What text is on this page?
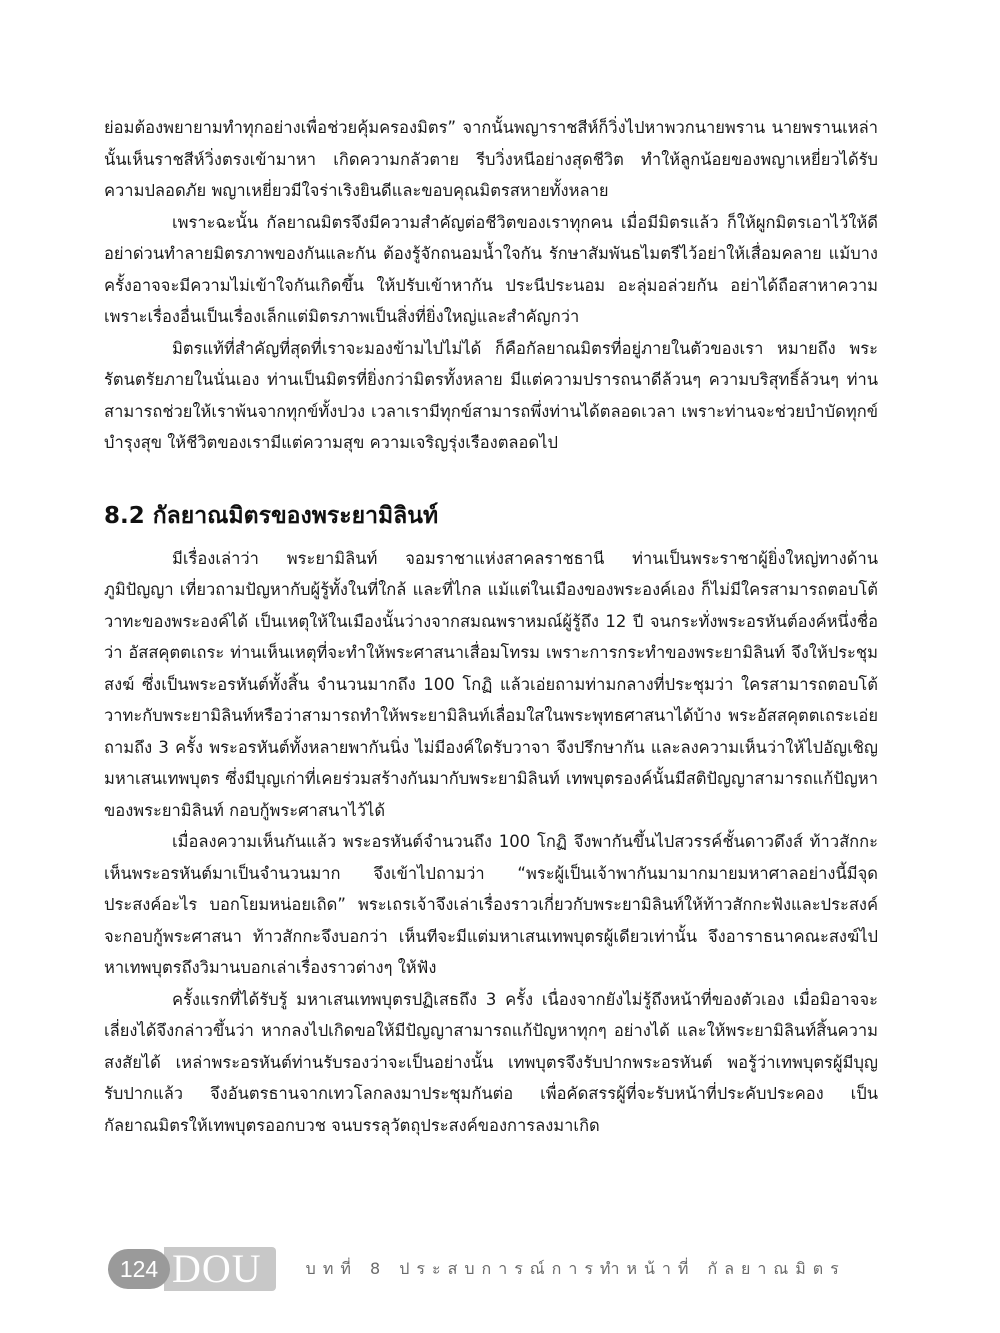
ย่อมต้องพยายามทำทุกอย่างเพื่อช่วยคุ้มครองมิตร” จากนั้นพญาราชสีห์ก็วิ่งไปหาพวกนายพราน นายพรานเหล่านั้นเห็นราชสีห์วิ่งตรงเข้ามาหา เกิดความกลัวตาย รีบวิ่งหนีอย่างสุดชีวิต ทำให้ลูกน้อยของพญาเหยี่ยวได้รับความปลอดภัย พญาเหยี่ยวมีใจร่าเริงยินดีและขอบคุณมิตรสหายทั้งหลาย

เพราะฉะนั้น กัลยาณมิตรจึงมีความสำคัญต่อชีวิตของเราทุกคน เมื่อมีมิตรแล้ว ก็ให้ผูกมิตรเอาไว้ให้ดี อย่าด่วนทำลายมิตรภาพของกันและกัน ต้องรู้จักถนอมน้ำใจกัน รักษาสัมพันธไมตรีไว้อย่าให้เสื่อมคลาย แม้บางครั้งอาจจะมีความไม่เข้าใจกันเกิดขึ้น ให้ปรับเข้าหากัน ประนีประนอม อะลุ่มอล่วยกัน อย่าได้ถือสาหาความ เพราะเรื่องอื่นเป็นเรื่องเล็กแต่มิตรภาพเป็นสิ่งที่ยิ่งใหญ่และสำคัญกว่า

มิตรแท้ที่สำคัญที่สุดที่เราจะมองข้ามไปไม่ได้ ก็คือกัลยาณมิตรที่อยู่ภายในตัวของเรา หมายถึง พระรัตนตรัยภายในนั่นเอง ท่านเป็นมิตรที่ยิ่งกว่ามิตรทั้งหลาย มีแต่ความปรารถนาดีล้วนๆ ความบริสุทธิ์ล้วนๆ ท่านสามารถช่วยให้เราพ้นจากทุกข์ทั้งปวง เวลาเรามีทุกข์สามารถพึ่งท่านได้ตลอดเวลา เพราะท่านจะช่วยบำบัดทุกข์บำรุงสุข ให้ชีวิตของเรามีแต่ความสุข ความเจริญรุ่งเรืองตลอดไป

8.2 กัลยาณมิตรของพระยามิลินท์

มีเรื่องเล่าว่า พระยามิลินท์ จอมราชาแห่งสาคลราชธานี ท่านเป็นพระราชาผู้ยิ่งใหญ่ทางด้านภูมิปัญญา เที่ยวถามปัญหากับผู้รู้ทั้งในที่ใกล้ และที่ไกล แม้แต่ในเมืองของพระองค์เอง ก็ไม่มีใครสามารถตอบโต้วาทะของพระองค์ได้ เป็นเหตุให้ในเมืองนั้นว่างจากสมณพราหมณ์ผู้รู้ถึง 12 ปี จนกระทั่งพระอรหันต์องค์หนึ่งชื่อว่า อัสสคุตตเถระ ท่านเห็นเหตุที่จะทำให้พระศาสนาเสื่อมโทรม เพราะการกระทำของพระยามิลินท์ จึงให้ประชุมสงฆ์ ซึ่งเป็นพระอรหันต์ทั้งสิ้น จำนวนมากถึง 100 โกฏิ แล้วเอ่ยถามท่ามกลางที่ประชุมว่า ใครสามารถตอบโต้วาทะกับพระยามิลินท์หรือว่าสามารถทำให้พระยามิลินท์เลื่อมใสในพระพุทธศาสนาได้บ้าง พระอัสสคุตตเถระเอ่ยถามถึง 3 ครั้ง พระอรหันต์ทั้งหลายพากันนิ่ง ไม่มีองค์ใดรับวาจา จึงปรึกษากัน และลงความเห็นว่าให้ไปอัญเชิญมหาเสนเทพบุตร ซึ่งมีบุญเก่าที่เคยร่วมสร้างกันมากับพระยามิลินท์ เทพบุตรองค์นั้นมีสติปัญญาสามารถแก้ปัญหาของพระยามิลินท์ กอบกู้พระศาสนาไว้ได้

เมื่อลงความเห็นกันแล้ว พระอรหันต์จำนวนถึง 100 โกฏิ จึงพากันขึ้นไปสวรรค์ชั้นดาวดึงส์ ท้าวสักกะเห็นพระอรหันต์มาเป็นจำนวนมาก จึงเข้าไปถามว่า “พระผู้เป็นเจ้าพากันมามากมายมหาศาลอย่างนี้มีจุดประสงค์อะไร บอกโยมหน่อยเถิด” พระเถรเจ้าจึงเล่าเรื่องราวเกี่ยวกับพระยามิลินท์ให้ท้าวสักกะฟังและประสงค์จะกอบกู้พระศาสนา ท้าวสักกะจึงบอกว่า เห็นทีจะมีแต่มหาเสนเทพบุตรผู้เดียวเท่านั้น จึงอาราธนาคณะสงฆ์ไปหาเทพบุตรถึงวิมานบอกเล่าเรื่องราวต่างๆ ให้ฟัง

ครั้งแรกที่ได้รับรู้ มหาเสนเทพบุตรปฏิเสธถึง 3 ครั้ง เนื่องจากยังไม่รู้ถึงหน้าที่ของตัวเอง เมื่อมิอาจจะเลี่ยงได้จึงกล่าวขึ้นว่า หากลงไปเกิดขอให้มีปัญญาสามารถแก้ปัญหาทุกๆ อย่างได้ และให้พระยามิลินท์สิ้นความสงสัยได้ เหล่าพระอรหันต์ท่านรับรองว่าจะเป็นอย่างนั้น เทพบุตรจึงรับปากพระอรหันต์ พอรู้ว่าเทพบุตรผู้มีบุญรับปากแล้ว จึงอันตรธานจากเทวโลกลงมาประชุมกันต่อ เพื่อคัดสรรผู้ที่จะรับหน้าที่ประคับประคอง เป็นกัลยาณมิตรให้เทพบุตรออกบวช จนบรรลุวัตถุประสงค์ของการลงมาเกิด

124 DOU	บทที่ 8 ประสบการณ์การทำหน้าที่ กัลยาณมิตร
